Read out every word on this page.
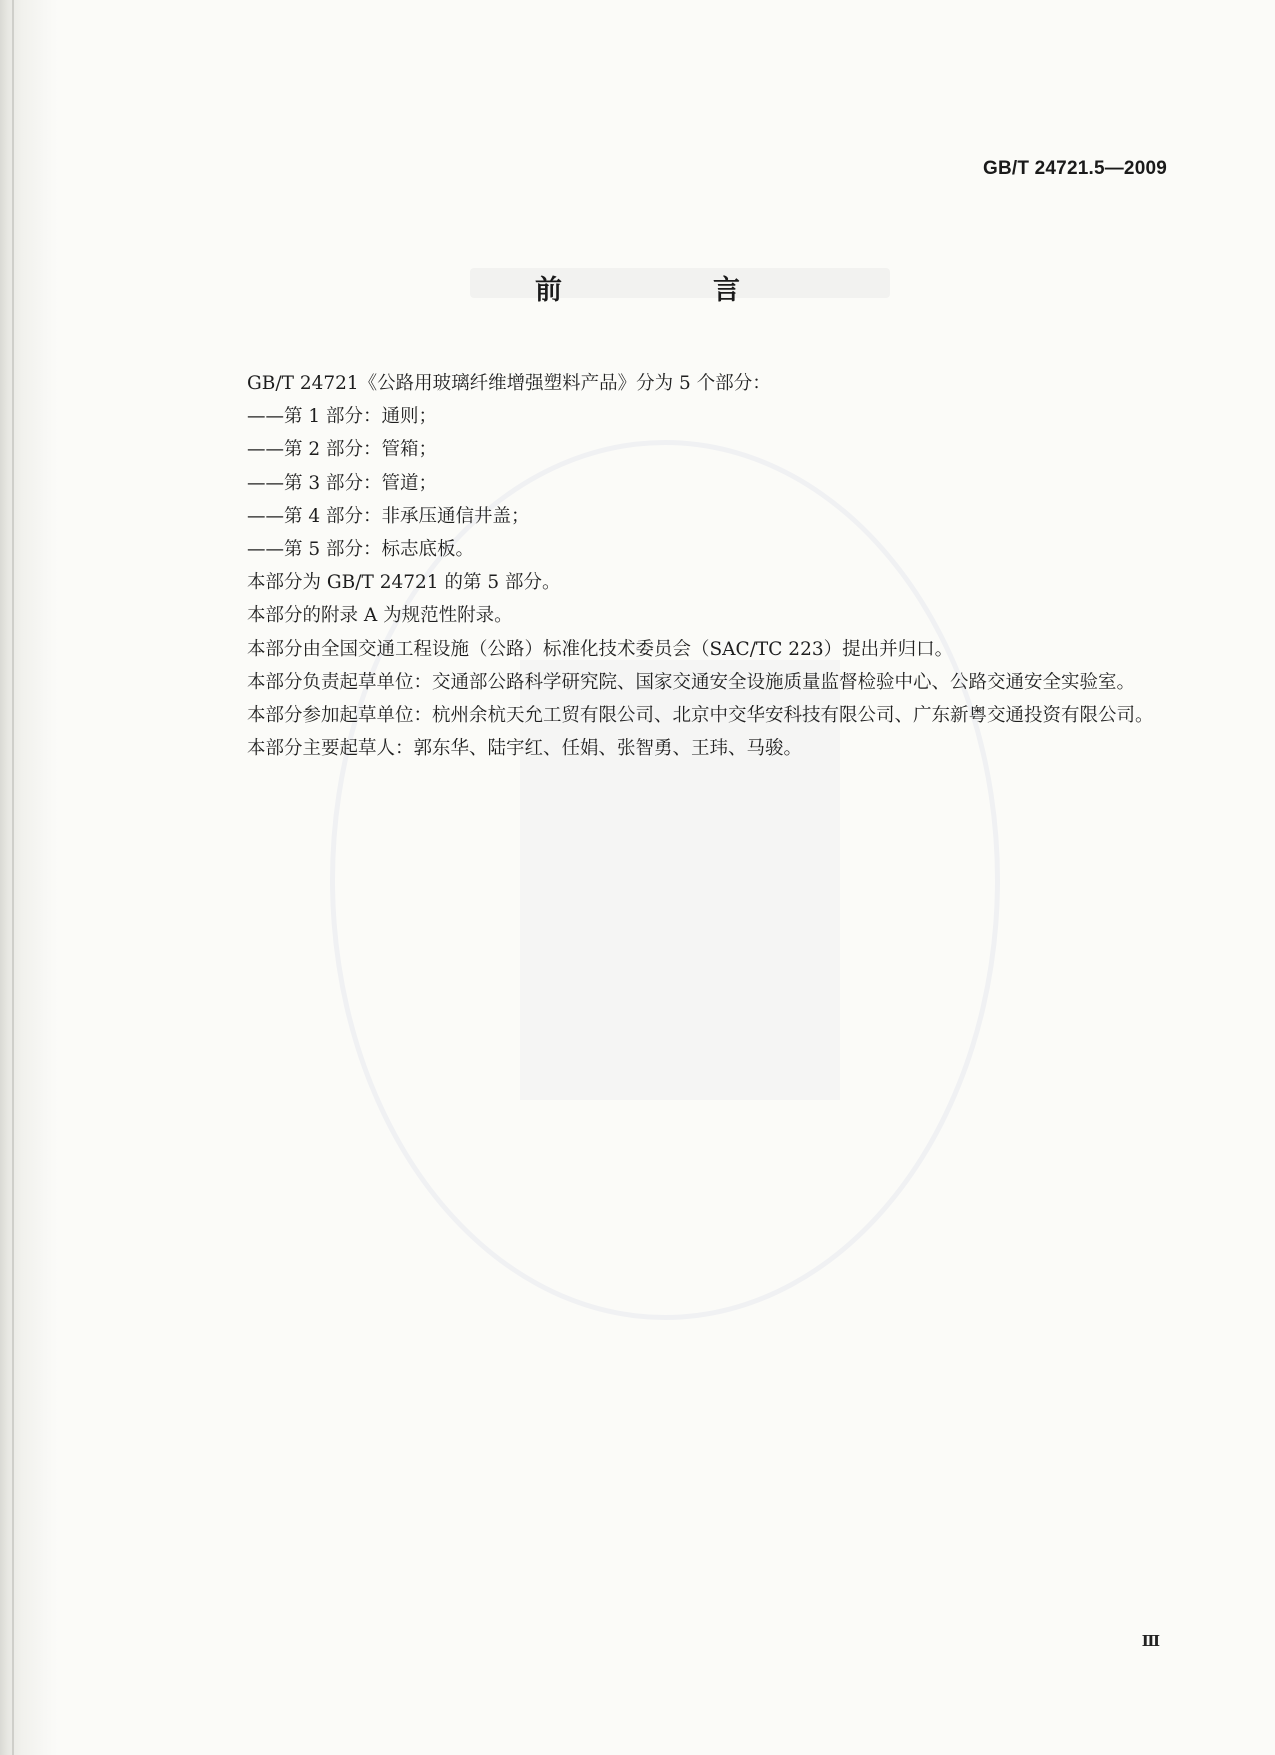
GB/T 24721.5—2009
前　言

GB/T 24721《公路用玻璃纤维增强塑料产品》分为 5 个部分：

——第 1 部分：通则；

——第 2 部分：管箱；

——第 3 部分：管道；

——第 4 部分：非承压通信井盖；

——第 5 部分：标志底板。

本部分为 GB/T 24721 的第 5 部分。

本部分的附录 A 为规范性附录。

本部分由全国交通工程设施（公路）标准化技术委员会（SAC/TC 223）提出并归口。

本部分负责起草单位：交通部公路科学研究院、国家交通安全设施质量监督检验中心、公路交通安全实验室。

本部分参加起草单位：杭州余杭天允工贸有限公司、北京中交华安科技有限公司、广东新粤交通投资有限公司。

本部分主要起草人：郭东华、陆宇红、任娟、张智勇、王玮、马骏。

Ⅲ
